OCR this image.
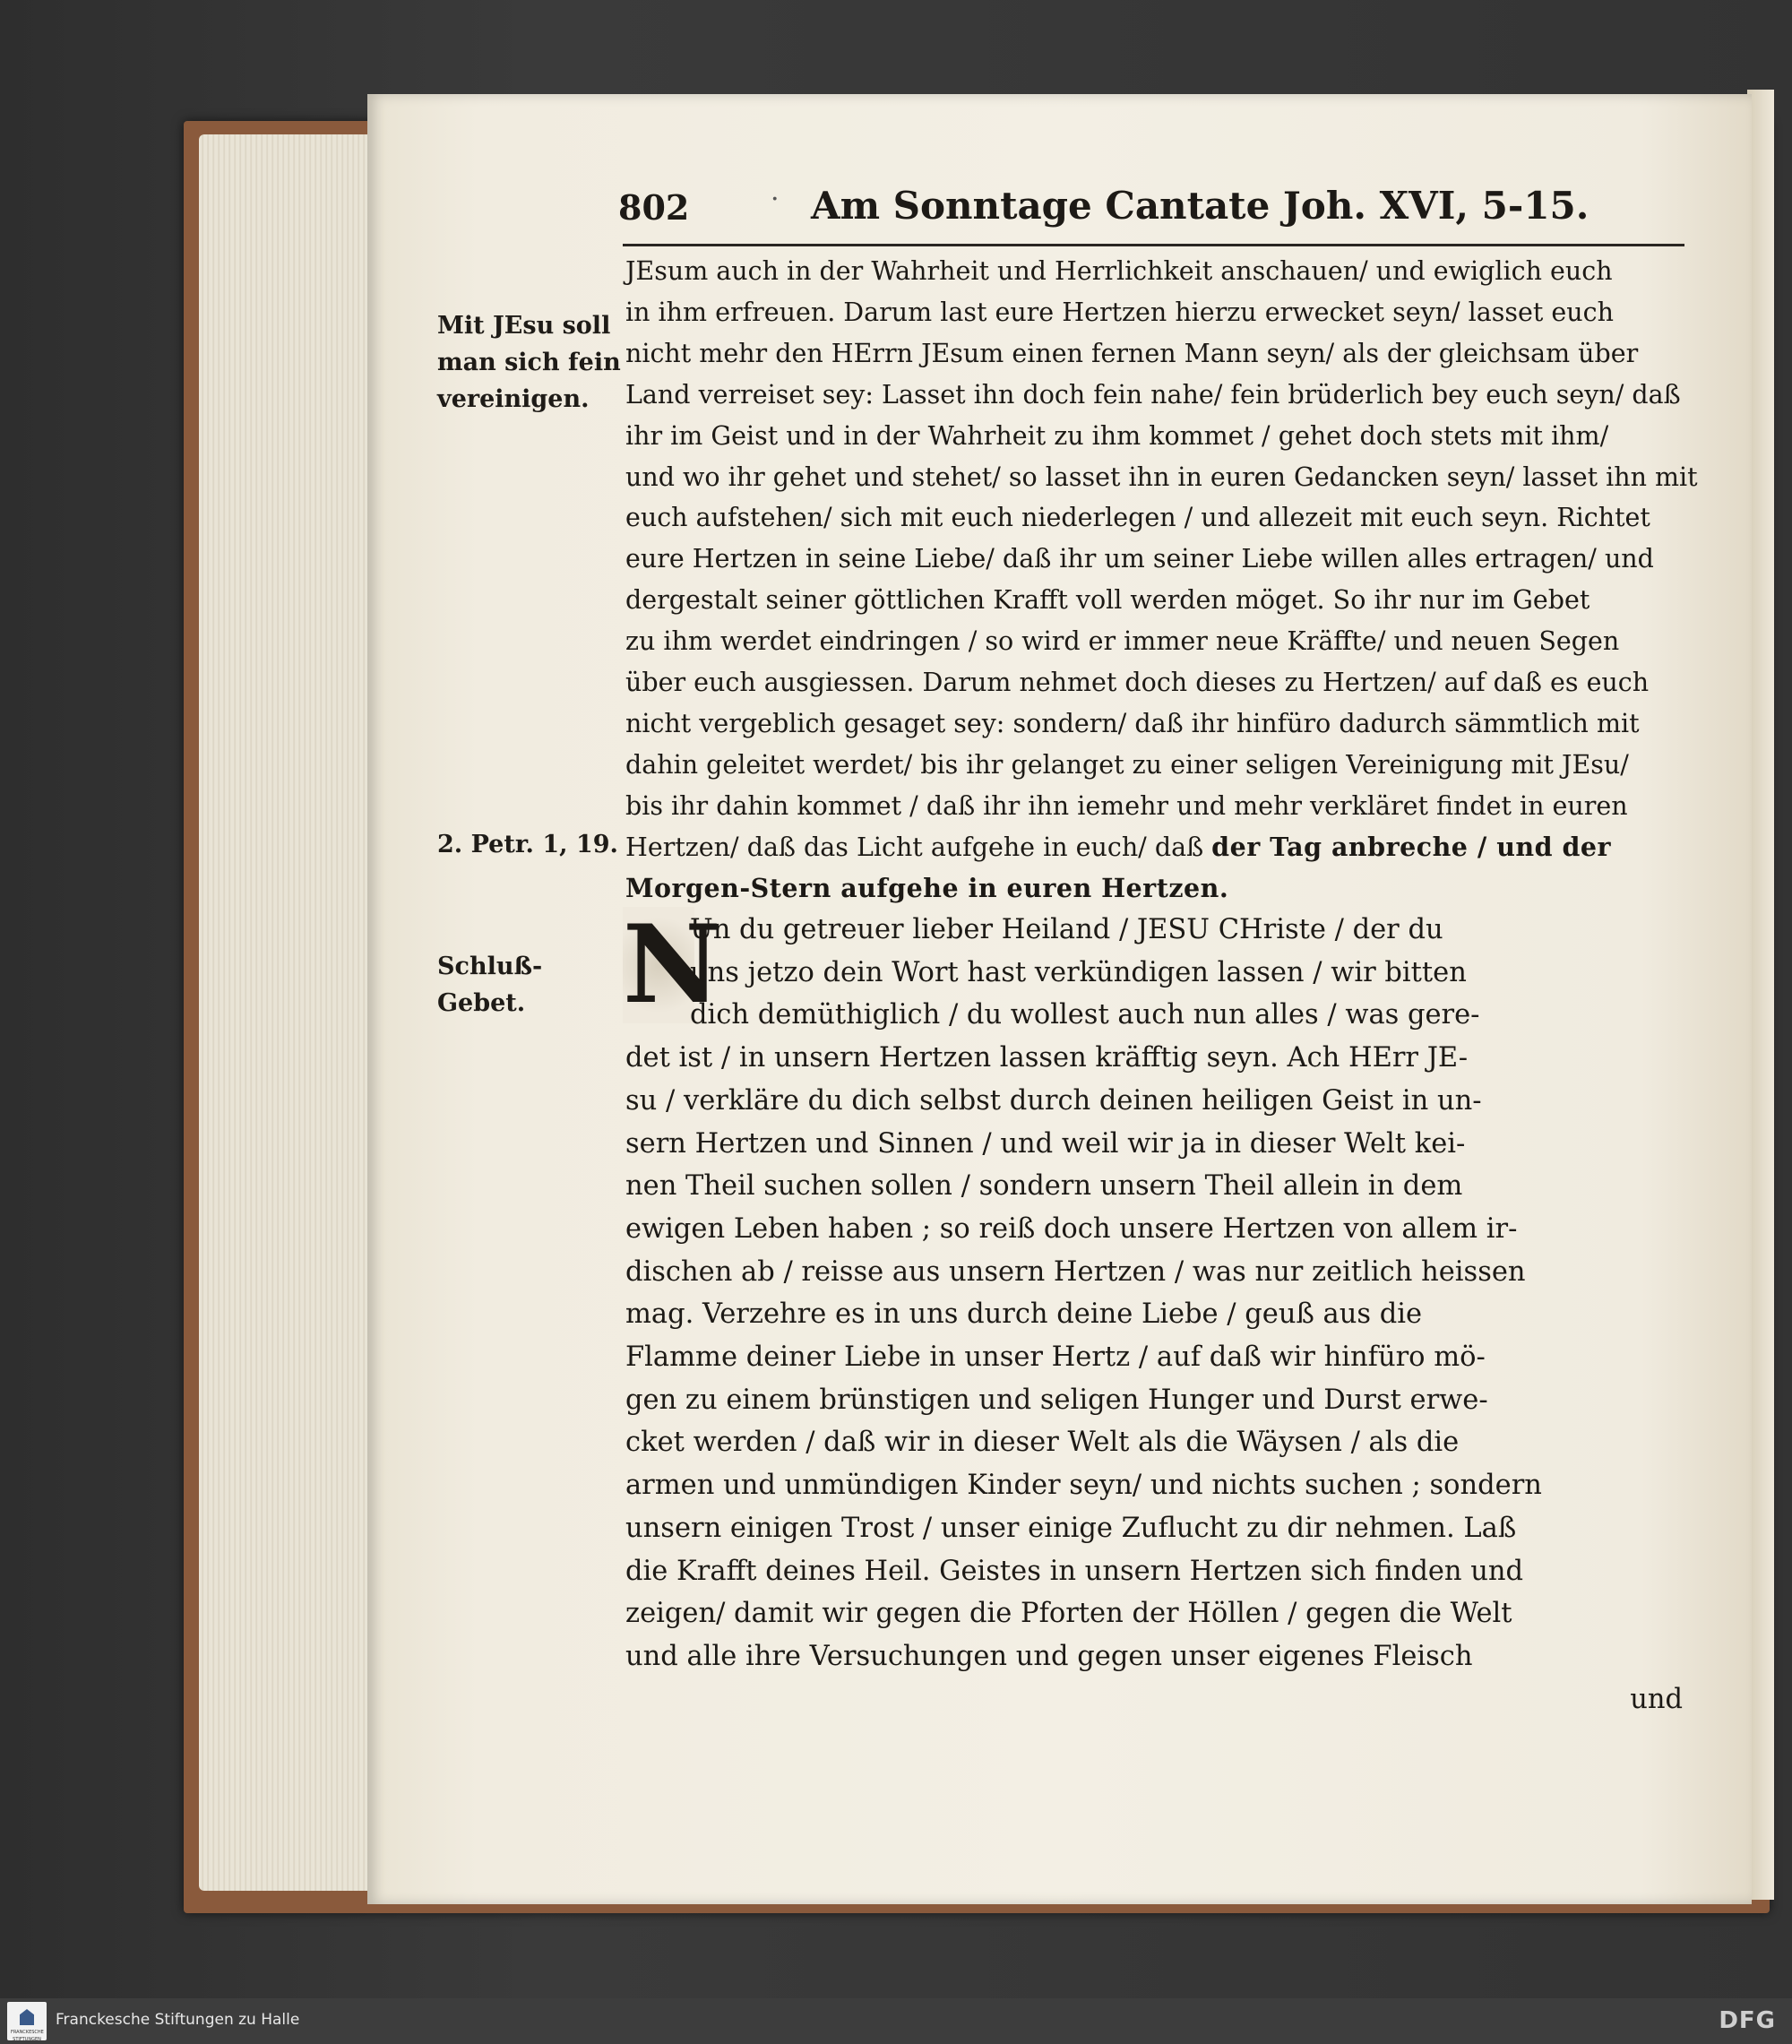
802	· Am Sonntage Cantate Joh. XVI, 5-15.
Mit JEsu soll
man sich fein
vereinigen.
2. Petr. 1, 19.
Schluß-
Gebet.
JEsum auch in der Wahrheit und Herrlichkeit anschauen/ und ewiglich euch
in ihm erfreuen. Darum last eure Hertzen hierzu erwecket seyn/ lasset euch
nicht mehr den HErrn JEsum einen fernen Mann seyn/ als der gleichsam über
Land verreiset sey: Lasset ihn doch fein nahe/ fein brüderlich bey euch seyn/ daß
ihr im Geist und in der Wahrheit zu ihm kommet / gehet doch stets mit ihm/
und wo ihr gehet und stehet/ so lasset ihn in euren Gedancken seyn/ lasset ihn mit
euch aufstehen/ sich mit euch niederlegen / und allezeit mit euch seyn. Richtet
eure Hertzen in seine Liebe/ daß ihr um seiner Liebe willen alles ertragen/ und
dergestalt seiner göttlichen Krafft voll werden möget. So ihr nur im Gebet
zu ihm werdet eindringen / so wird er immer neue Kräffte/ und neuen Segen
über euch ausgiessen. Darum nehmet doch dieses zu Hertzen/ auf daß es euch
nicht vergeblich gesaget sey: sondern/ daß ihr hinfüro dadurch sämmtlich mit
dahin geleitet werdet/ bis ihr gelanget zu einer seligen Vereinigung mit JEsu/
bis ihr dahin kommet / daß ihr ihn iemehr und mehr verkläret findet in euren
Hertzen/ daß das Licht aufgehe in euch/ daß der Tag anbreche / und der
Morgen-Stern aufgehe in euren Hertzen.
N
Un du getreuer lieber Heiland / JESU CHriste / der du
uns jetzo dein Wort hast verkündigen lassen / wir bitten
dich demüthiglich / du wollest auch nun alles / was gere-
det ist / in unsern Hertzen lassen kräfftig seyn. Ach HErr JE-
su / verkläre du dich selbst durch deinen heiligen Geist in un-
sern Hertzen und Sinnen / und weil wir ja in dieser Welt kei-
nen Theil suchen sollen / sondern unsern Theil allein in dem
ewigen Leben haben ; so reiß doch unsere Hertzen von allem ir-
dischen ab / reisse aus unsern Hertzen / was nur zeitlich heissen
mag. Verzehre es in uns durch deine Liebe / geuß aus die
Flamme deiner Liebe in unser Hertz / auf daß wir hinfüro mö-
gen zu einem brünstigen und seligen Hunger und Durst erwe-
cket werden / daß wir in dieser Welt als die Wäysen / als die
armen und unmündigen Kinder seyn/ und nichts suchen ; sondern
unsern einigen Trost / unser einige Zuflucht zu dir nehmen. Laß
die Krafft deines Heil. Geistes in unsern Hertzen sich finden und
zeigen/ damit wir gegen die Pforten der Höllen / gegen die Welt
und alle ihre Versuchungen und gegen unser eigenes Fleisch
und
FRANCKESCHE STIFTUNGEN
Franckesche Stiftungen zu Halle	DFG
